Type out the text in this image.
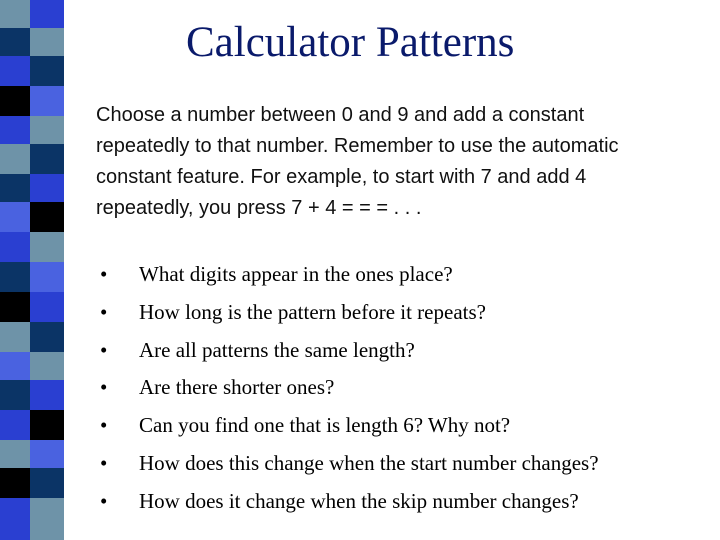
Calculator Patterns
Choose a number between 0 and 9 and add a constant
repeatedly to that number. Remember to use the automatic
constant feature. For example, to start with 7 and add 4
repeatedly, you press 7 + 4 = = = . . .
•	What digits appear in the ones place?
•	How long is the pattern before it repeats?
•	Are all patterns the same length?
•	Are there shorter ones?
•	Can you find one that is length 6? Why not?
•	How does this change when the start number changes?
•	How does it change when the skip number changes?
